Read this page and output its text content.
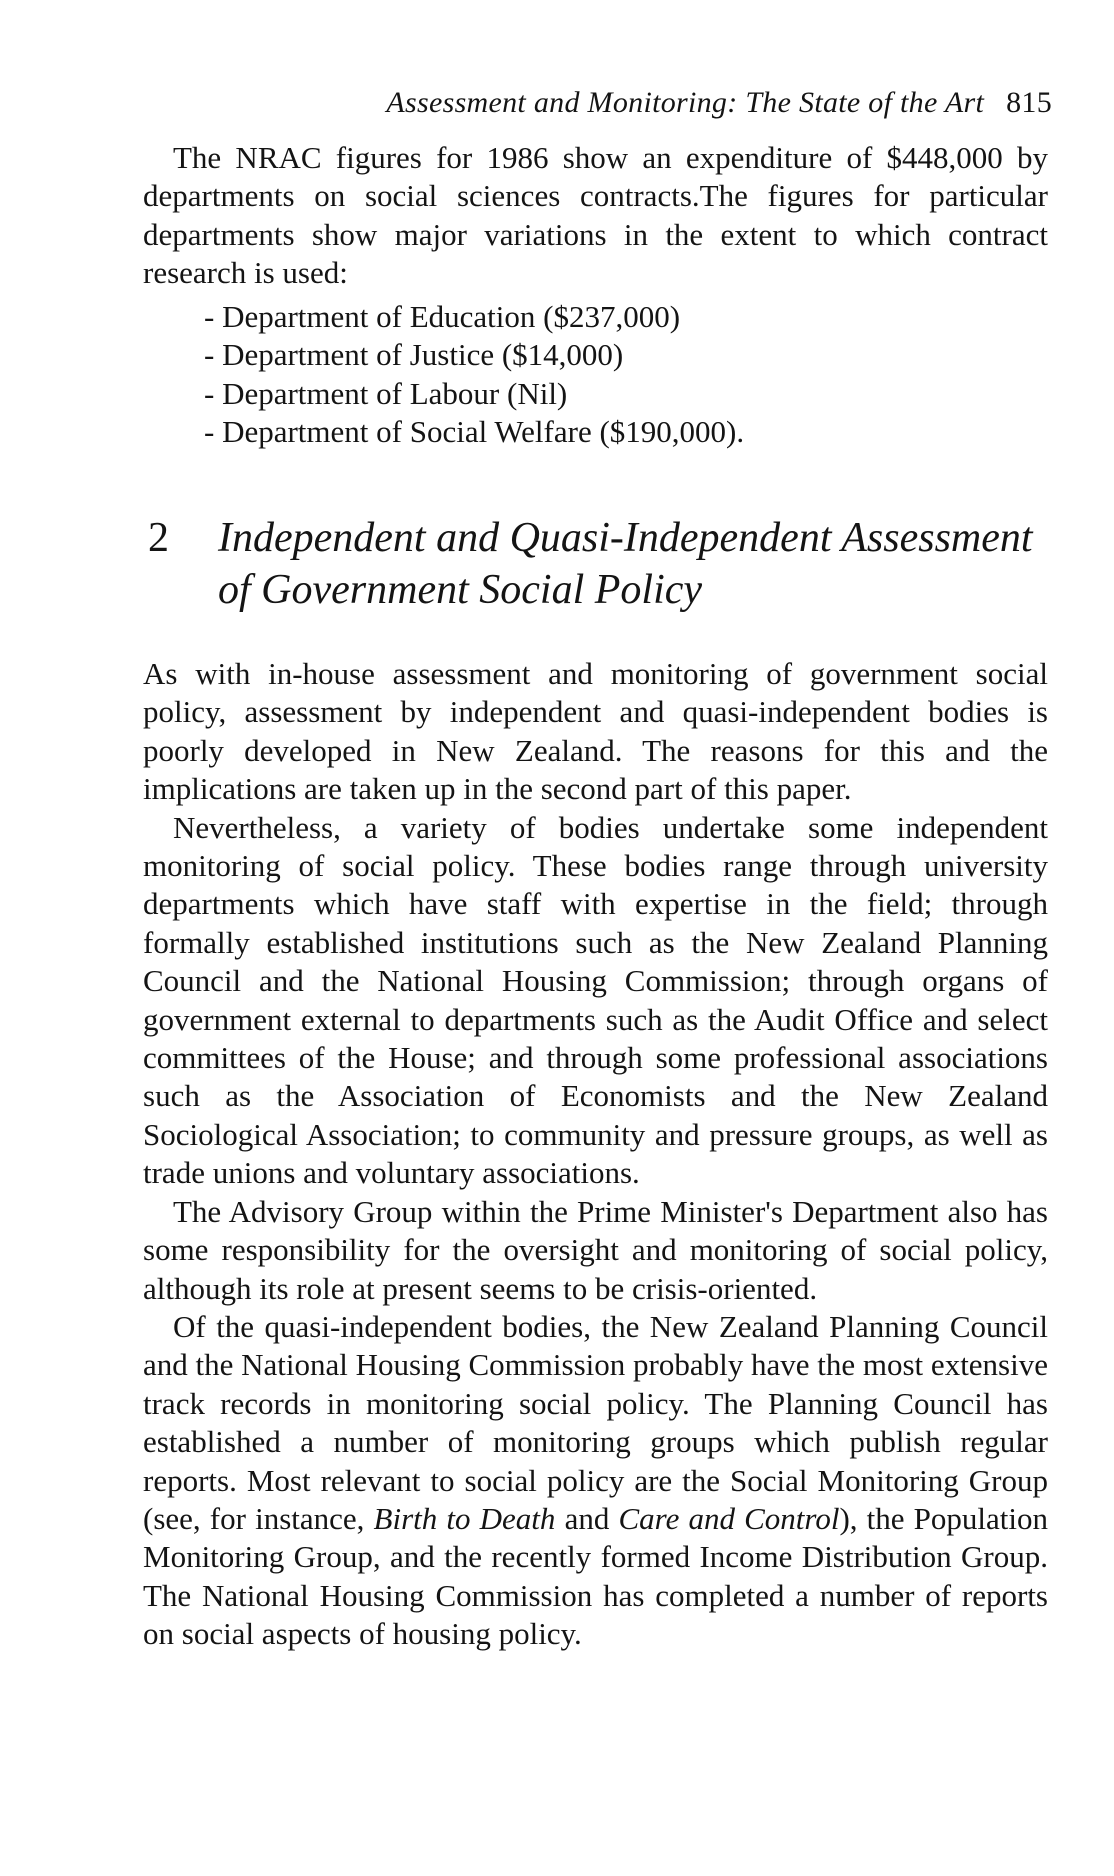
Assessment and Monitoring: The State of the Art 815
The NRAC figures for 1986 show an expenditure of $448,000 by departments on social sciences contracts.The figures for particular departments show major variations in the extent to which contract research is used:
- Department of Education ($237,000)
- Department of Justice ($14,000)
- Department of Labour (Nil)
- Department of Social Welfare ($190,000).
2 Independent and Quasi-Independent Assessment of Government Social Policy

As with in-house assessment and monitoring of government social policy, assessment by independent and quasi-independent bodies is poorly developed in New Zealand. The reasons for this and the implications are taken up in the second part of this paper.

Nevertheless, a variety of bodies undertake some independent monitoring of social policy. These bodies range through university departments which have staff with expertise in the field; through formally established institutions such as the New Zealand Planning Council and the National Housing Commission; through organs of government external to departments such as the Audit Office and select committees of the House; and through some professional associations such as the Association of Economists and the New Zealand Sociological Association; to community and pressure groups, as well as trade unions and voluntary associations.

The Advisory Group within the Prime Minister's Department also has some responsibility for the oversight and monitoring of social policy, although its role at present seems to be crisis-oriented.

Of the quasi-independent bodies, the New Zealand Planning Council and the National Housing Commission probably have the most extensive track records in monitoring social policy. The Planning Council has established a number of monitoring groups which publish regular reports. Most relevant to social policy are the Social Monitoring Group (see, for instance, Birth to Death and Care and Control), the Population Monitoring Group, and the recently formed Income Distribution Group. The National Housing Commission has completed a number of reports on social aspects of housing policy.
